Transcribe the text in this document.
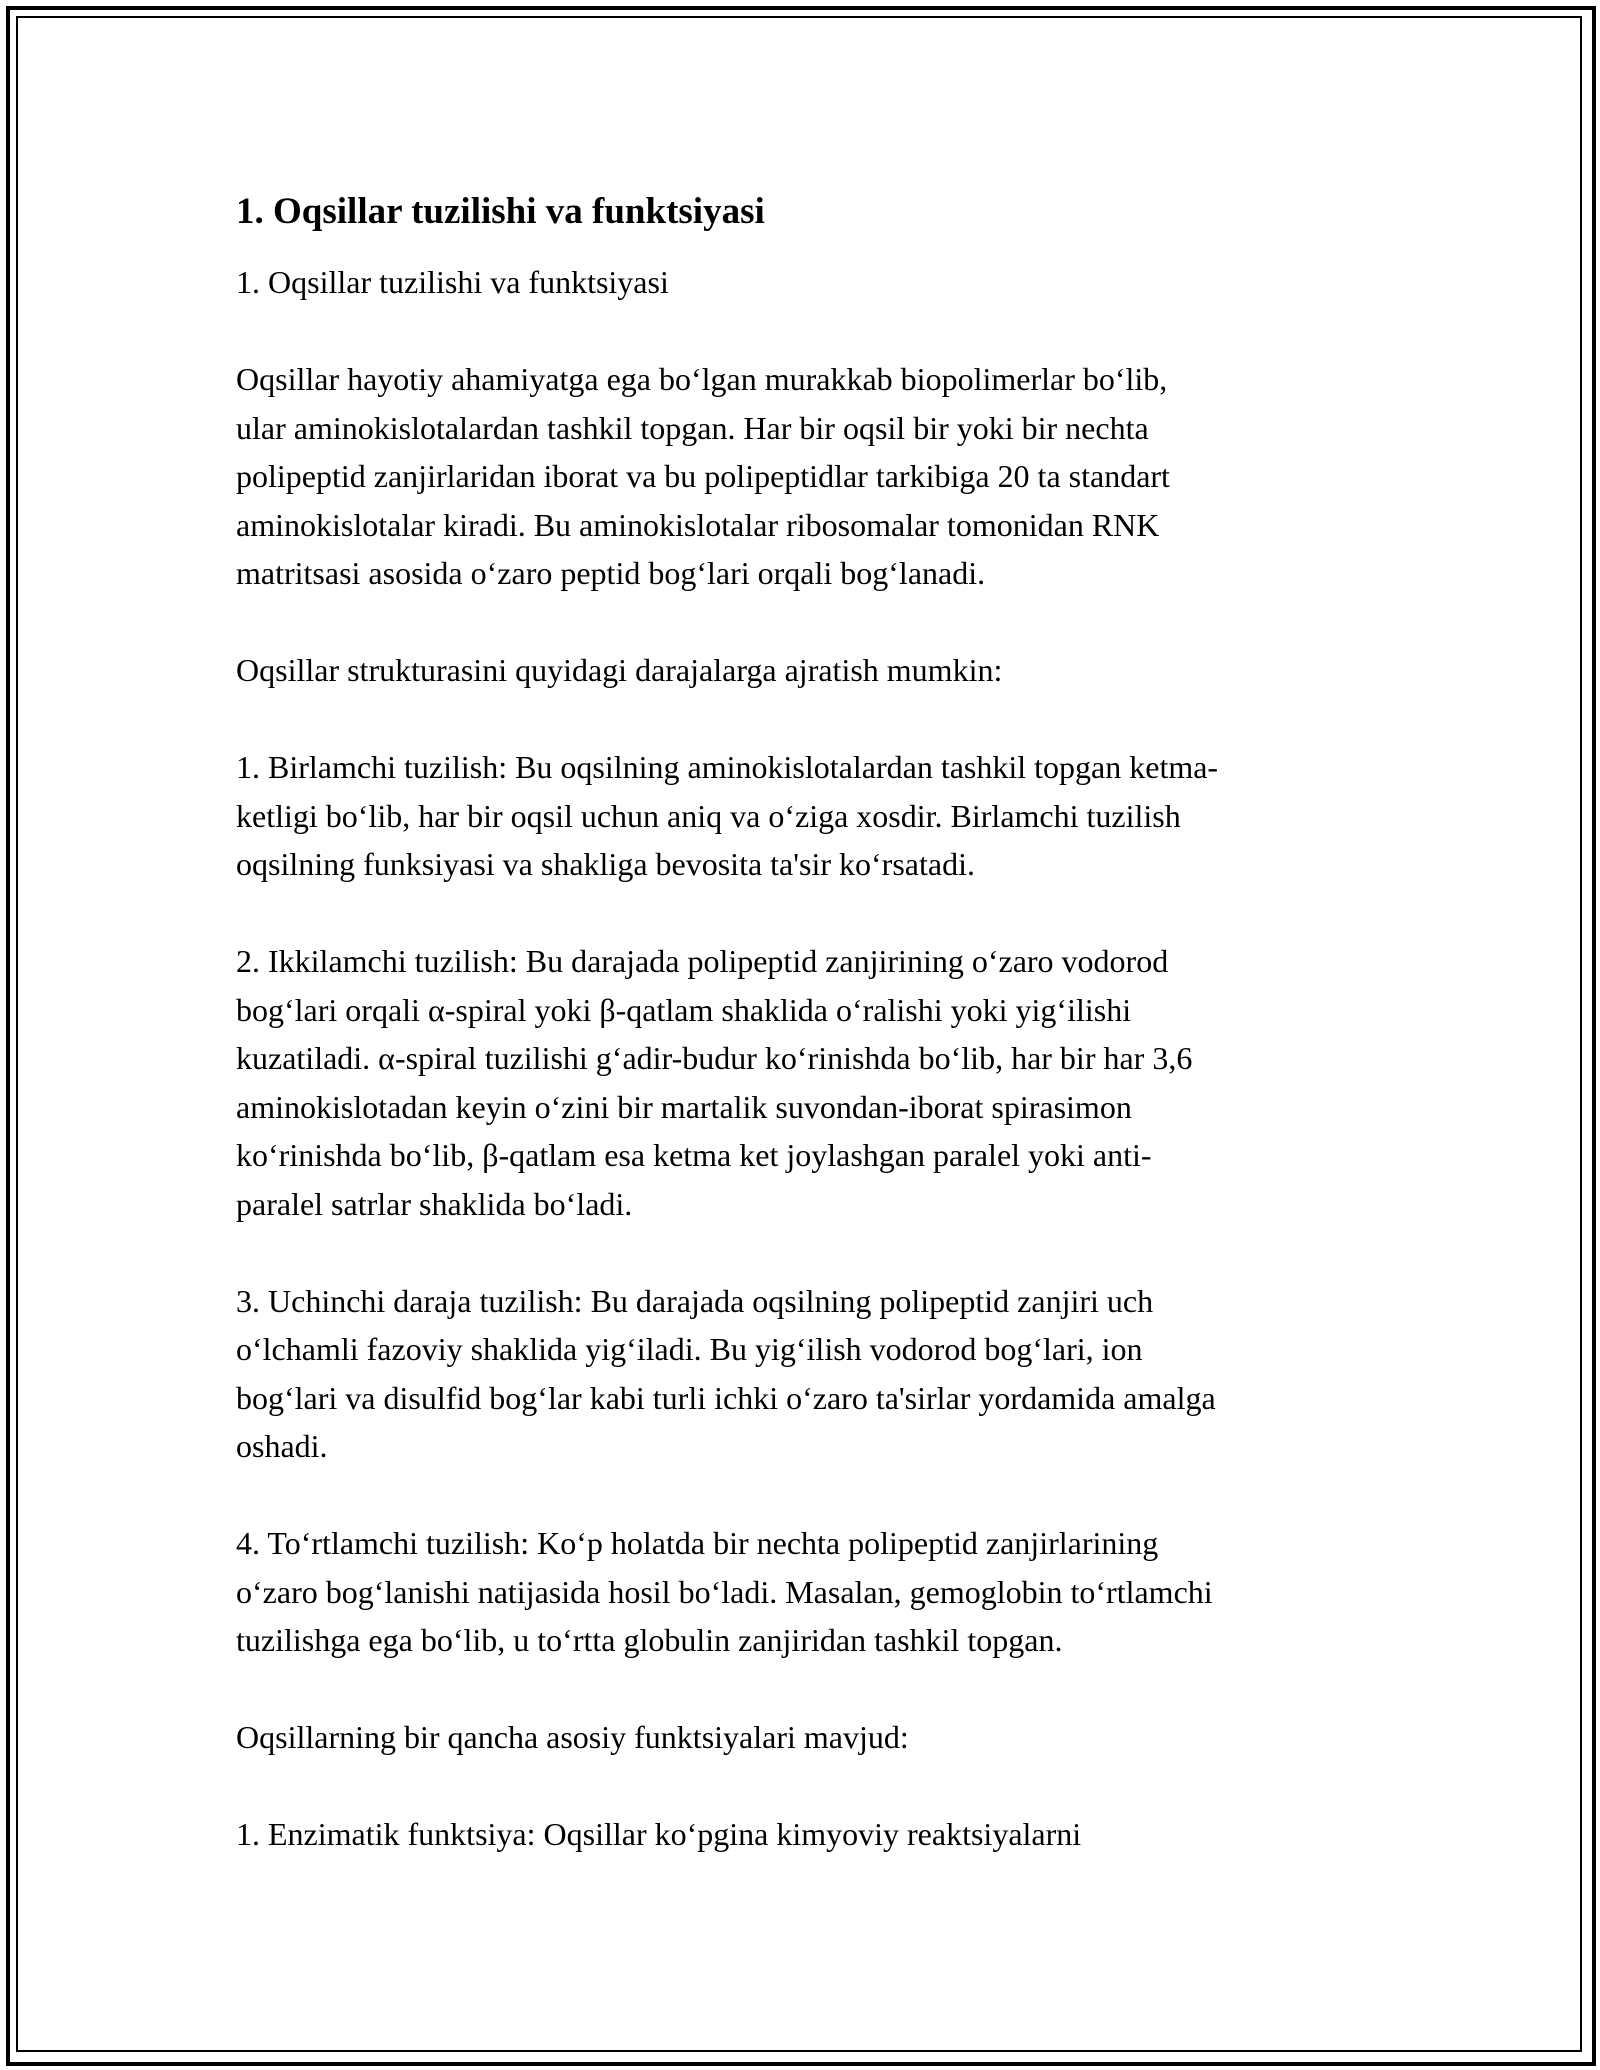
1. Oqsillar tuzilishi va funktsiyasi

1. Oqsillar tuzilishi va funktsiyasi

Oqsillar hayotiy ahamiyatga ega bo‘lgan murakkab biopolimerlar bo‘lib,
ular aminokislotalardan tashkil topgan. Har bir oqsil bir yoki bir nechta
polipeptid zanjirlaridan iborat va bu polipeptidlar tarkibiga 20 ta standart
aminokislotalar kiradi. Bu aminokislotalar ribosomalar tomonidan RNK
matritsasi asosida o‘zaro peptid bog‘lari orqali bog‘lanadi.

Oqsillar strukturasini quyidagi darajalarga ajratish mumkin:

1. Birlamchi tuzilish: Bu oqsilning aminokislotalardan tashkil topgan ketma-
ketligi bo‘lib, har bir oqsil uchun aniq va o‘ziga xosdir. Birlamchi tuzilish
oqsilning funksiyasi va shakliga bevosita ta'sir ko‘rsatadi.

2. Ikkilamchi tuzilish: Bu darajada polipeptid zanjirining o‘zaro vodorod
bog‘lari orqali α-spiral yoki β-qatlam shaklida o‘ralishi yoki yig‘ilishi
kuzatiladi. α-spiral tuzilishi g‘adir-budur ko‘rinishda bo‘lib, har bir har 3,6
aminokislotadan keyin o‘zini bir martalik suvondan-iborat spirasimon
ko‘rinishda bo‘lib, β-qatlam esa ketma ket joylashgan paralel yoki anti-
paralel satrlar shaklida bo‘ladi.

3. Uchinchi daraja tuzilish: Bu darajada oqsilning polipeptid zanjiri uch
o‘lchamli fazoviy shaklida yig‘iladi. Bu yig‘ilish vodorod bog‘lari, ion
bog‘lari va disulfid bog‘lar kabi turli ichki o‘zaro ta'sirlar yordamida amalga
oshadi.

4. To‘rtlamchi tuzilish: Ko‘p holatda bir nechta polipeptid zanjirlarining
o‘zaro bog‘lanishi natijasida hosil bo‘ladi. Masalan, gemoglobin to‘rtlamchi
tuzilishga ega bo‘lib, u to‘rtta globulin zanjiridan tashkil topgan.

Oqsillarning bir qancha asosiy funktsiyalari mavjud:

1. Enzimatik funktsiya: Oqsillar ko‘pgina kimyoviy reaktsiyalarni
